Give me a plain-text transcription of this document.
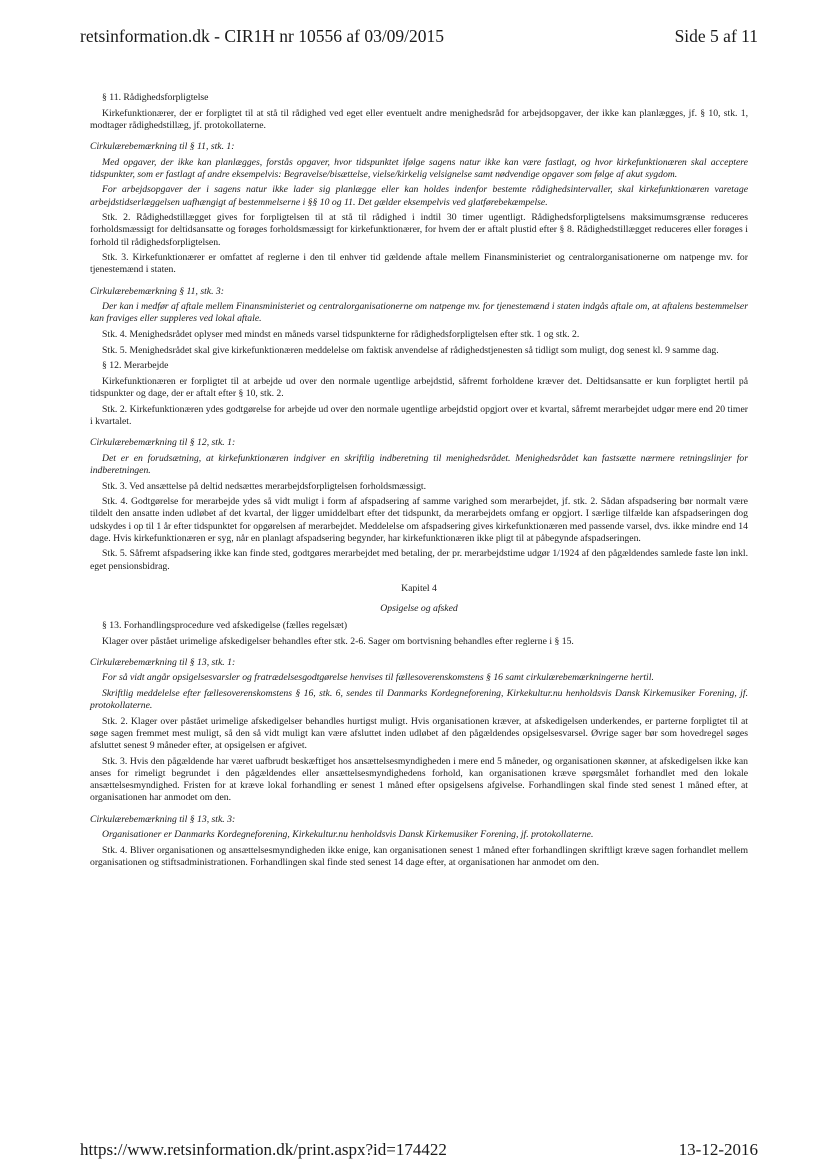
retsinformation.dk - CIR1H nr 10556 af 03/09/2015	Side 5 af 11

§ 11. Rådighedsforpligtelse

Kirkefunktionærer, der er forpligtet til at stå til rådighed ved eget eller eventuelt andre menighedsråd for arbejdsopgaver, der ikke kan planlægges, jf. § 10, stk. 1, modtager rådighedstillæg, jf. protokollaterne.

Cirkulærebemærkning til § 11, stk. 1:

Med opgaver, der ikke kan planlægges, forstås opgaver, hvor tidspunktet ifølge sagens natur ikke kan være fastlagt, og hvor kirkefunktionæren skal acceptere tidspunkter, som er fastlagt af andre eksempelvis: Begravelse/bisættelse, vielse/kirkelig velsignelse samt nødvendige opgaver som følge af akut sygdom.

For arbejdsopgaver der i sagens natur ikke lader sig planlægge eller kan holdes indenfor bestemte rådighedsintervaller, skal kirkefunktionæren varetage arbejdstidserlæggelsen uafhængigt af bestemmelserne i §§ 10 og 11. Det gælder eksempelvis ved glatførebekæmpelse.

Stk. 2. Rådighedstillægget gives for forpligtelsen til at stå til rådighed i indtil 30 timer ugentligt. Rådighedsforpligtelsens maksimumsgrænse reduceres forholdsmæssigt for deltidsansatte og forøges forholdsmæssigt for kirkefunktionærer, for hvem der er aftalt plustid efter § 8. Rådighedstillægget reduceres eller forøges i forhold til rådighedsforpligtelsen.

Stk. 3. Kirkefunktionærer er omfattet af reglerne i den til enhver tid gældende aftale mellem Finansministeriet og centralorganisationerne om natpenge mv. for tjenestemænd i staten.

Cirkulærebemærkning § 11, stk. 3:

Der kan i medfør af aftale mellem Finansministeriet og centralorganisationerne om natpenge mv. for tjenestemænd i staten indgås aftale om, at aftalens bestemmelser kan fraviges eller suppleres ved lokal aftale.

Stk. 4. Menighedsrådet oplyser med mindst en måneds varsel tidspunkterne for rådighedsforpligtelsen efter stk. 1 og stk. 2.

Stk. 5. Menighedsrådet skal give kirkefunktionæren meddelelse om faktisk anvendelse af rådighedstjenesten så tidligt som muligt, dog senest kl. 9 samme dag.

§ 12. Merarbejde

Kirkefunktionæren er forpligtet til at arbejde ud over den normale ugentlige arbejdstid, såfremt forholdene kræver det. Deltidsansatte er kun forpligtet hertil på tidspunkter og dage, der er aftalt efter § 10, stk. 2.

Stk. 2. Kirkefunktionæren ydes godtgørelse for arbejde ud over den normale ugentlige arbejdstid opgjort over et kvartal, såfremt merarbejdet udgør mere end 20 timer i kvartalet.

Cirkulærebemærkning til § 12, stk. 1:

Det er en forudsætning, at kirkefunktionæren indgiver en skriftlig indberetning til menighedsrådet. Menighedsrådet kan fastsætte nærmere retningslinjer for indberetningen.

Stk. 3. Ved ansættelse på deltid nedsættes merarbejdsforpligtelsen forholdsmæssigt.

Stk. 4. Godtgørelse for merarbejde ydes så vidt muligt i form af afspadsering af samme varighed som merarbejdet, jf. stk. 2. Sådan afspadsering bør normalt være tildelt den ansatte inden udløbet af det kvartal, der ligger umiddelbart efter det tidspunkt, da merarbejdets omfang er opgjort. I særlige tilfælde kan afspadseringen dog udskydes i op til 1 år efter tidspunktet for opgørelsen af merarbejdet. Meddelelse om afspadsering gives kirkefunktionæren med passende varsel, dvs. ikke mindre end 14 dage. Hvis kirkefunktionæren er syg, når en planlagt afspadsering begynder, har kirkefunktionæren ikke pligt til at påbegynde afspadseringen.

Stk. 5. Såfremt afspadsering ikke kan finde sted, godtgøres merarbejdet med betaling, der pr. merarbejdstime udgør 1/1924 af den pågældendes samlede faste løn inkl. eget pensionsbidrag.

Kapitel 4

Opsigelse og afsked

§ 13. Forhandlingsprocedure ved afskedigelse (fælles regelsæt)

Klager over påstået urimelige afskedigelser behandles efter stk. 2-6. Sager om bortvisning behandles efter reglerne i § 15.

Cirkulærebemærkning til § 13, stk. 1:

For så vidt angår opsigelsesvarsler og fratrædelsesgodtgørelse henvises til fællesoverenskomstens § 16 samt cirkulærebemærkningerne hertil.

Skriftlig meddelelse efter fællesoverenskomstens § 16, stk. 6, sendes til Danmarks Kordegneforening, Kirkekultur.nu henholdsvis Dansk Kirkemusiker Forening, jf. protokollaterne.

Stk. 2. Klager over påstået urimelige afskedigelser behandles hurtigst muligt. Hvis organisationen kræver, at afskedigelsen underkendes, er parterne forpligtet til at søge sagen fremmet mest muligt, så den så vidt muligt kan være afsluttet inden udløbet af den pågældendes opsigelsesvarsel. Øvrige sager bør som hovedregel søges afsluttet senest 9 måneder efter, at opsigelsen er afgivet.

Stk. 3. Hvis den pågældende har været uafbrudt beskæftiget hos ansættelsesmyndigheden i mere end 5 måneder, og organisationen skønner, at afskedigelsen ikke kan anses for rimeligt begrundet i den pågældendes eller ansættelsesmyndighedens forhold, kan organisationen kræve spørgsmålet forhandlet med den lokale ansættelsesmyndighed. Fristen for at kræve lokal forhandling er senest 1 måned efter opsigelsens afgivelse. Forhandlingen skal finde sted senest 1 måned efter, at organisationen har anmodet om den.

Cirkulærebemærkning til § 13, stk. 3:

Organisationer er Danmarks Kordegneforening, Kirkekultur.nu henholdsvis Dansk Kirkemusiker Forening, jf. protokollaterne.

Stk. 4. Bliver organisationen og ansættelsesmyndigheden ikke enige, kan organisationen senest 1 måned efter forhandlingen skriftligt kræve sagen forhandlet mellem organisationen og stiftsadministrationen. Forhandlingen skal finde sted senest 14 dage efter, at organisationen har anmodet om den.

https://www.retsinformation.dk/print.aspx?id=174422	13-12-2016
